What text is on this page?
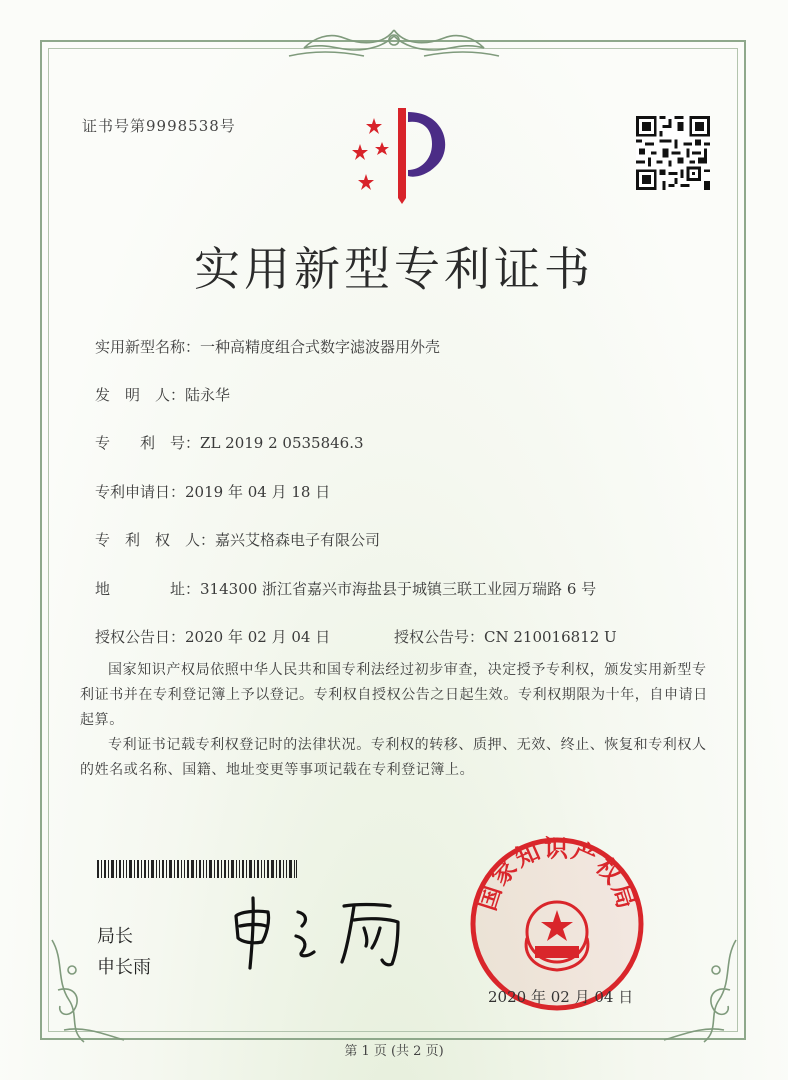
证书号第9998538号
实用新型专利证书
实用新型名称：一种高精度组合式数字滤波器用外壳
发　明　人：陆永华
专　　利　号：ZL 2019 2 0535846.3
专利申请日：2019 年 04 月 18 日
专　利　权　人：嘉兴艾格森电子有限公司
地　　　　址：314300 浙江省嘉兴市海盐县于城镇三联工业园万瑞路 6 号
授权公告日：2020 年 02 月 04 日	授权公告号：CN 210016812 U

国家知识产权局依照中华人民共和国专利法经过初步审查，决定授予专利权，颁发实用新型专利证书并在专利登记簿上予以登记。专利权自授权公告之日起生效。专利权期限为十年，自申请日起算。

专利证书记载专利权登记时的法律状况。专利权的转移、质押、无效、终止、恢复和专利权人的姓名或名称、国籍、地址变更等事项记载在专利登记簿上。

局长
申长雨
国家知识产权局
2020 年 02 月 04 日
第 1 页 (共 2 页)
